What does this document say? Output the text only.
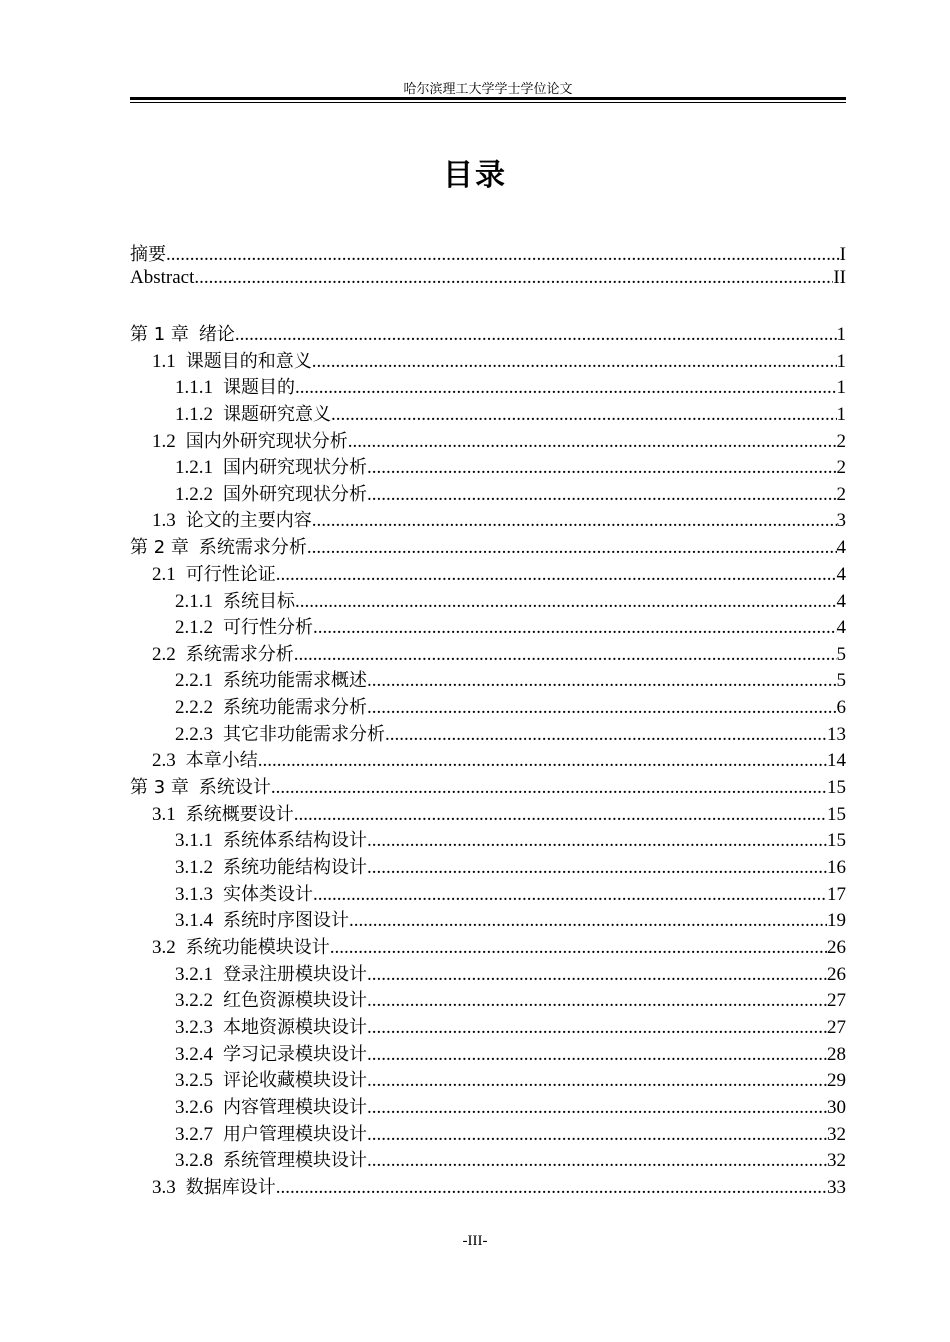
哈尔滨理工大学学士学位论文
目录
摘要 .....	I
Abstract .....	II
第 1 章 绪论 .....	1
1.1 课题目的和意义 .....	1
1.1.1 课题目的 .....	1
1.1.2 课题研究意义 .....	1
1.2 国内外研究现状分析 .....	2
1.2.1 国内研究现状分析 .....	2
1.2.2 国外研究现状分析 .....	2
1.3 论文的主要内容 .....	3
第 2 章 系统需求分析 .....	4
2.1 可行性论证 .....	4
2.1.1 系统目标 .....	4
2.1.2 可行性分析 .....	4
2.2 系统需求分析 .....	5
2.2.1 系统功能需求概述 .....	5
2.2.2 系统功能需求分析 .....	6
2.2.3 其它非功能需求分析 .....	13
2.3 本章小结 .....	14
第 3 章 系统设计 .....	15
3.1 系统概要设计 .....	15
3.1.1 系统体系结构设计 .....	15
3.1.2 系统功能结构设计 .....	16
3.1.3 实体类设计 .....	17
3.1.4 系统时序图设计 .....	19
3.2 系统功能模块设计 .....	26
3.2.1 登录注册模块设计 .....	26
3.2.2 红色资源模块设计 .....	27
3.2.3 本地资源模块设计 .....	27
3.2.4 学习记录模块设计 .....	28
3.2.5 评论收藏模块设计 .....	29
3.2.6 内容管理模块设计 .....	30
3.2.7 用户管理模块设计 .....	32
3.2.8 系统管理模块设计 .....	32
3.3 数据库设计 .....	33
-III-
